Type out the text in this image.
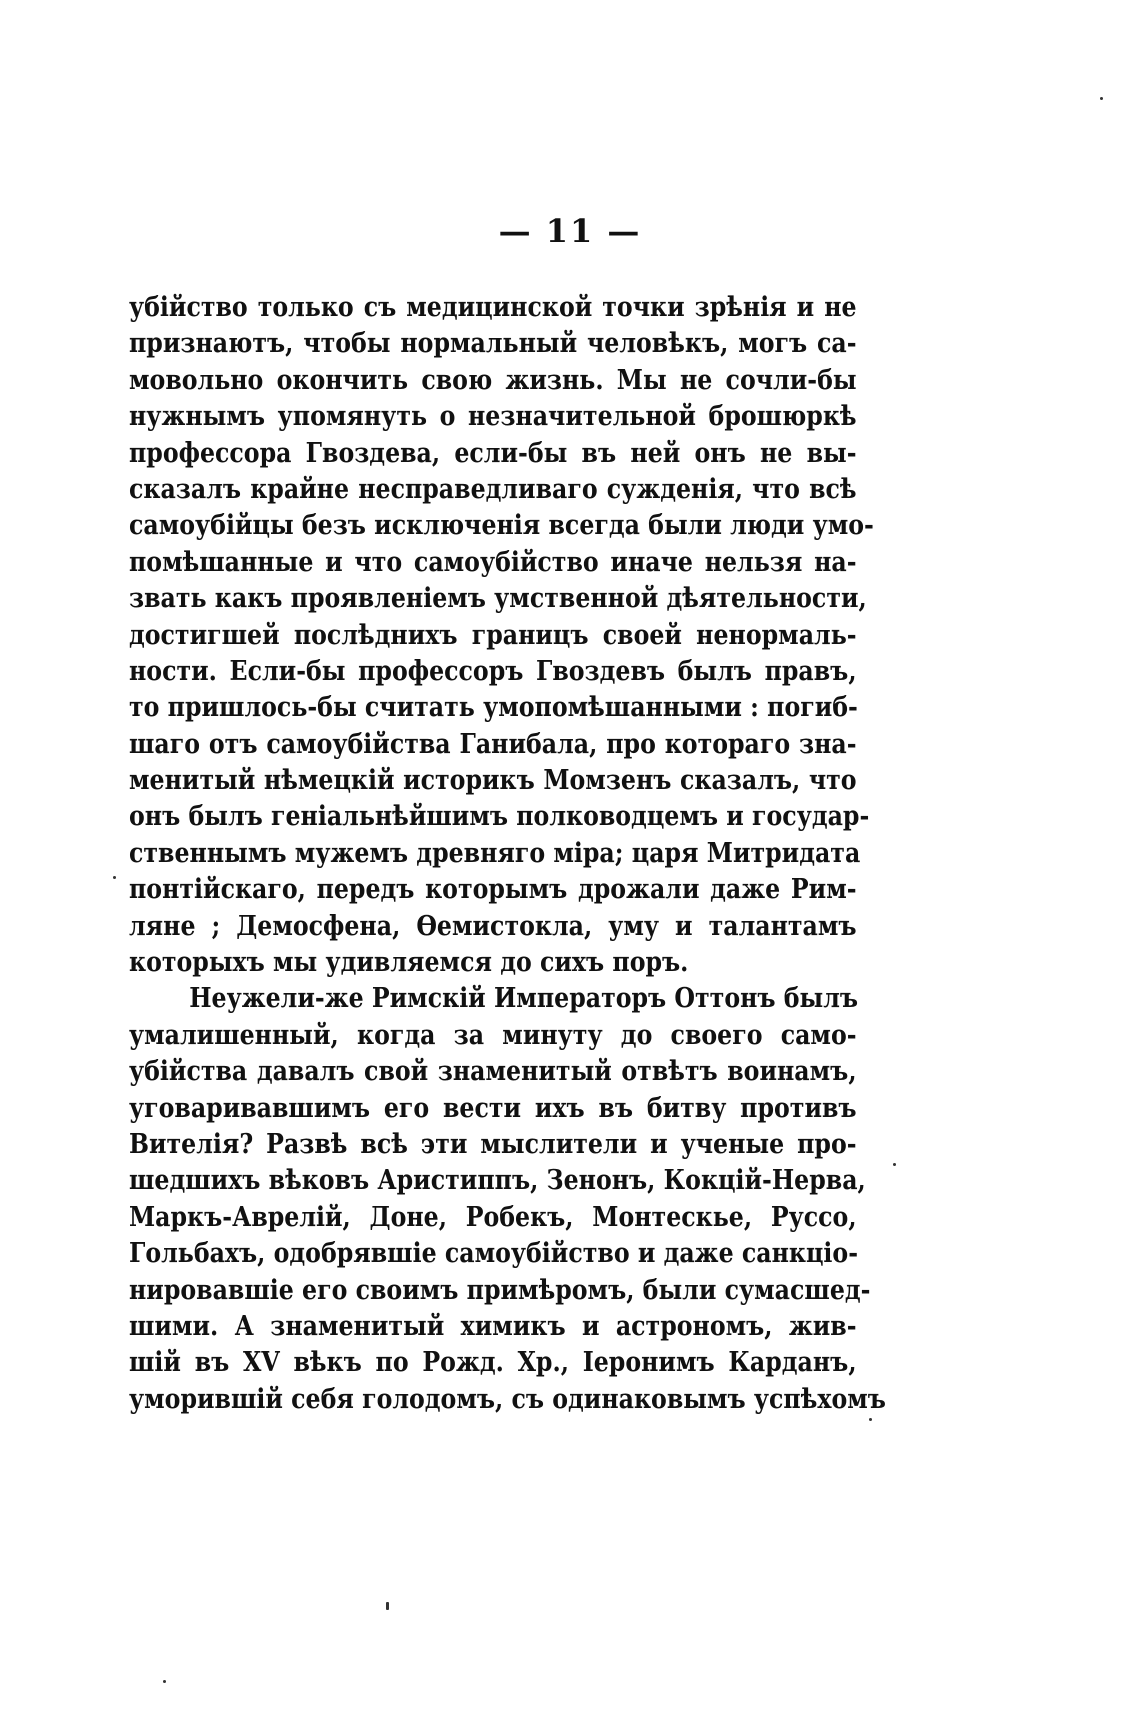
— 11 —
убійство только съ медицинской точки зрѣнія и не
признаютъ, чтобы нормальный человѣкъ, могъ са-
мовольно окончить свою жизнь. Мы не сочли-бы
нужнымъ упомянуть о незначительной брошюркѣ
профессора Гвоздева, если-бы въ ней онъ не вы-
сказалъ крайне несправедливаго сужденія, что всѣ
самоубійцы безъ исключенія всегда были люди умо-
помѣшанные и что самоубійство иначе нельзя на-
звать какъ проявленіемъ умственной дѣятельности,
достигшей послѣднихъ границъ своей ненормаль-
ности. Если-бы профессоръ Гвоздевъ былъ правъ,
то пришлось-бы считать умопомѣшанными : погиб-
шаго отъ самоубійства Ганибала, про котораго зна-
менитый нѣмецкій историкъ Момзенъ сказалъ, что
онъ былъ геніальнѣйшимъ полководцемъ и государ-
ственнымъ мужемъ древняго міра; царя Митридата
понтійскаго, передъ которымъ дрожали даже Рим-
ляне ; Демосфена, Ѳемистокла, уму и талантамъ
которыхъ мы удивляемся до сихъ поръ.
Неужели-же Римскій Императоръ Оттонъ былъ
умалишенный, когда за минуту до своего само-
убійства давалъ свой знаменитый отвѣтъ воинамъ,
уговаривавшимъ его вести ихъ въ битву противъ
Вителія? Развѣ всѣ эти мыслители и ученые про-
шедшихъ вѣковъ Аристиппъ, Зенонъ, Кокцій-Нерва,
Маркъ-Аврелій, Доне, Робекъ, Монтескье, Руссо,
Гольбахъ, одобрявшіе самоубійство и даже санкціо-
нировавшіе его своимъ примѣромъ, были сумасшед-
шими. А знаменитый химикъ и астрономъ, жив-
шій въ XV вѣкъ по Рожд. Хр., Іеронимъ Карданъ,
уморившій себя голодомъ, съ одинаковымъ успѣхомъ
